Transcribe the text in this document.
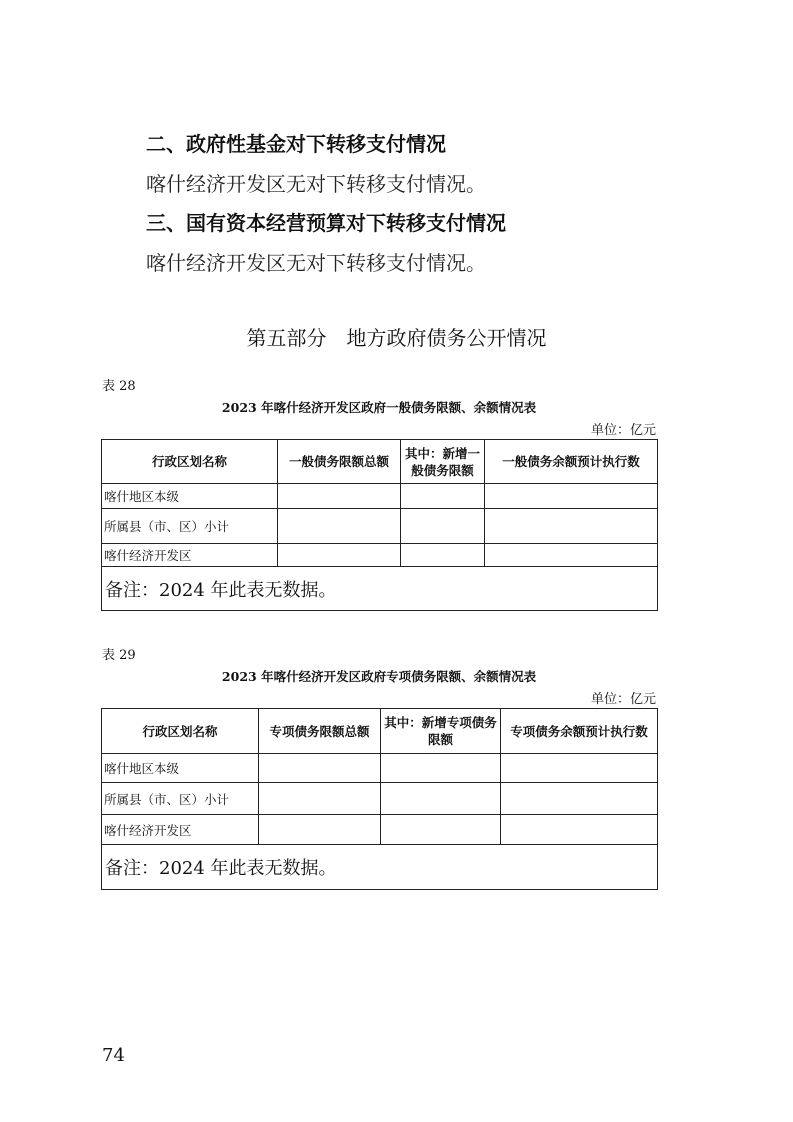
二、政府性基金对下转移支付情况
喀什经济开发区无对下转移支付情况。
三、国有资本经营预算对下转移支付情况
喀什经济开发区无对下转移支付情况。
第五部分　地方政府债务公开情况
表 28
2023 年喀什经济开发区政府一般债务限额、余额情况表
单位：亿元
行政区划名称	一般债务限额总额	其中：新增一般债务限额	一般债务余额预计执行数
喀什地区本级			
所属县（市、区）小计			
喀什经济开发区			
备注：2024 年此表无数据。			
表 29
2023 年喀什经济开发区政府专项债务限额、余额情况表
单位：亿元
行政区划名称	专项债务限额总额	其中：新增专项债务限额	专项债务余额预计执行数
喀什地区本级			
所属县（市、区）小计			
喀什经济开发区			
备注：2024 年此表无数据。			
74
